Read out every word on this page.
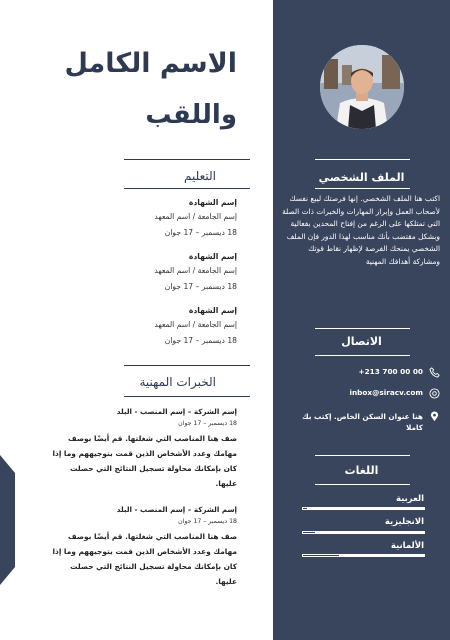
الملف الشخصي
اكتب هنا الملف الشخصي. إنها فرصتك ليبع نفسك لأصحاب العمل وإبراز المهارات والخبرات ذات الصلة التي تمتلكها على الرغم من إفتاح المحدين بفعالية وبشكل مقتضب بأنك مناسب لهذا الدور فإن الملف الشخصي يمنحك الفرصة لإظهار نقاط قوتك ومشاركة أهدافك المهنية
الاتصال
+213 700 00 00
inbox@siracv.com
هنا عنوان السكن الخاص. إكتب بك كاملا
اللغات
العربية
الانجليزية
الألمانية
الاسم الكامل
واللقب
التعليم
إسم الشهادة
إسم الجامعة / اسم المعهد
18 ديسمبر – 17 جوان
إسم الشهادة
إسم الجامعة / اسم المعهد
18 ديسمبر – 17 جوان
إسم الشهادة
إسم الجامعة / اسم المعهد
18 ديسمبر – 17 جوان
الخبرات المهنية
إسم الشركة – إسم المنصب - البلد
18 ديسمبر – 17 جوان
صف هنا المناصب التي شغلتها. قم أيضًا بوصف مهامك وعدد الأشخاص الذين قمت بتوجيههم وما إذا كان بإمكانك محاولة تسجيل النتائج التي حصلت عليها.
إسم الشركة – إسم المنصب - البلد
18 ديسمبر – 17 جوان
صف هنا المناصب التي شغلتها. قم أيضًا بوصف مهامك وعدد الأشخاص الذين قمت بتوجيههم وما إذا كان بإمكانك محاولة تسجيل النتائج التي حصلت عليها.
